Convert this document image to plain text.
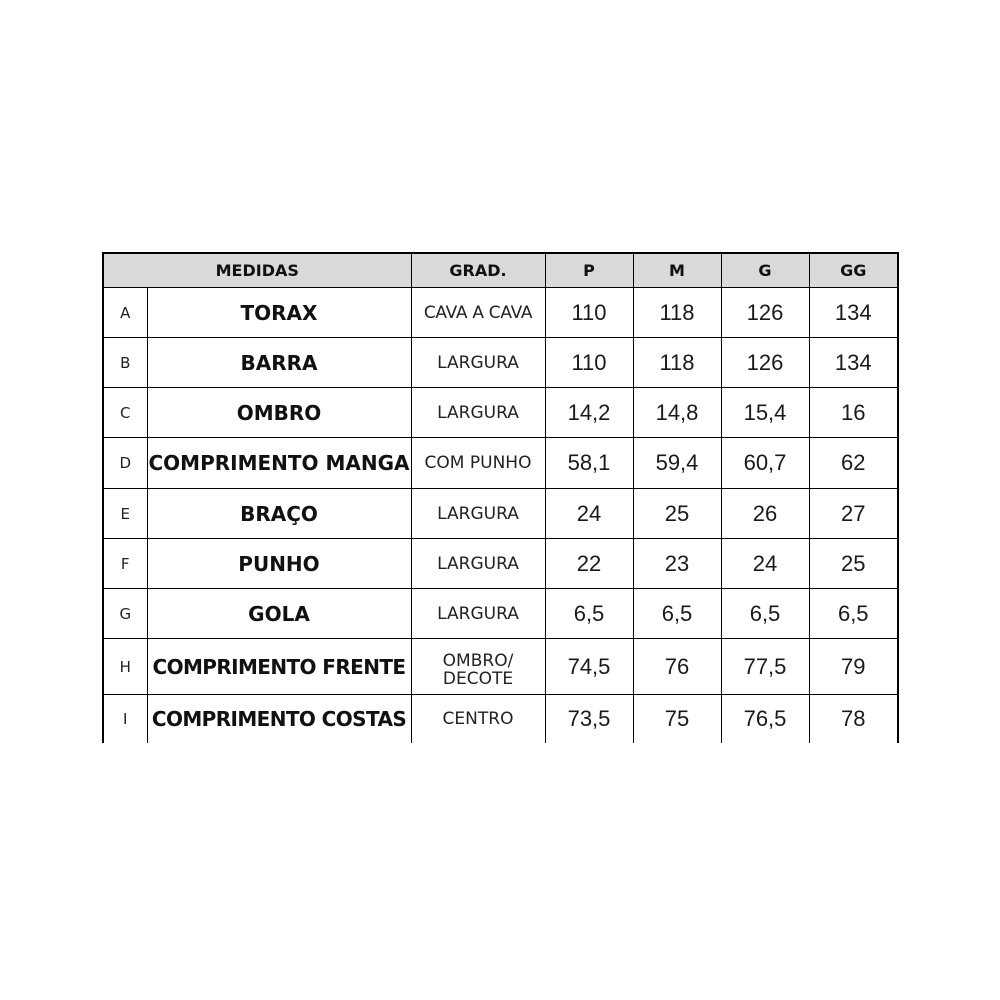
MEDIDAS		GRAD.	P	M	G	GG
A	TORAX	CAVA A CAVA	110	118	126	134
B	BARRA	LARGURA	110	118	126	134
C	OMBRO	LARGURA	14,2	14,8	15,4	16
D	COMPRIMENTO MANGA	COM PUNHO	58,1	59,4	60,7	62
E	BRAÇO	LARGURA	24	25	26	27
F	PUNHO	LARGURA	22	23	24	25
G	GOLA	LARGURA	6,5	6,5	6,5	6,5
H	COMPRIMENTO FRENTE	OMBRO/ DECOTE	74,5	76	77,5	79
I	COMPRIMENTO COSTAS	CENTRO	73,5	75	76,5	78
